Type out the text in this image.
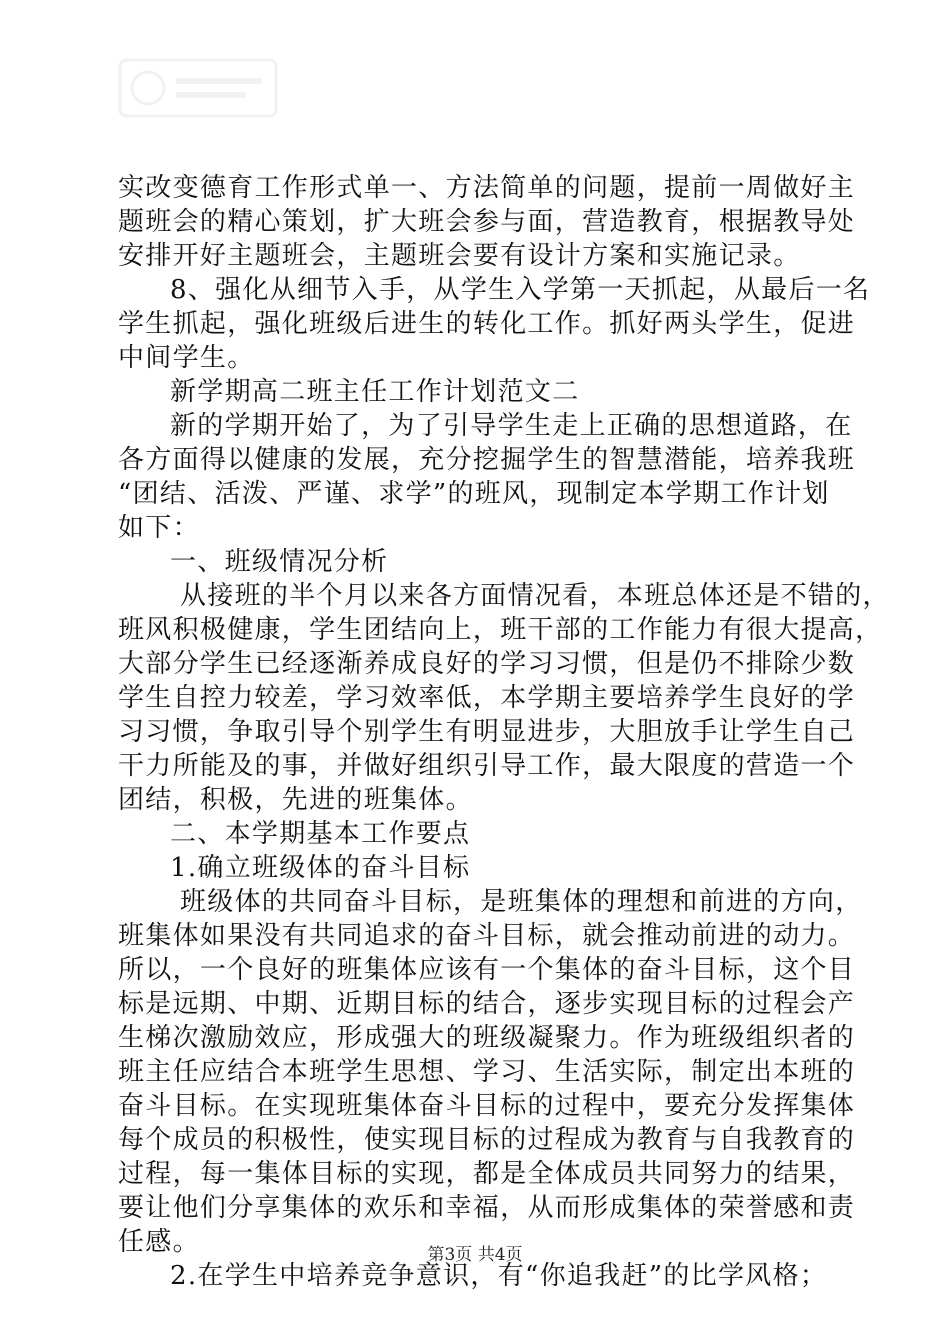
实改变德育工作形式单一、方法简单的问题，提前一周做好主
题班会的精心策划，扩大班会参与面，营造教育，根据教导处
安排开好主题班会，主题班会要有设计方案和实施记录。
8、强化从细节入手，从学生入学第一天抓起，从最后一名
学生抓起，强化班级后进生的转化工作。抓好两头学生，促进
中间学生。
新学期高二班主任工作计划范文二
新的学期开始了，为了引导学生走上正确的思想道路，在
各方面得以健康的发展，充分挖掘学生的智慧潜能，培养我班
“团结、活泼、严谨、求学”的班风，现制定本学期工作计划
如下：
一、班级情况分析
从接班的半个月以来各方面情况看，本班总体还是不错的，
班风积极健康，学生团结向上，班干部的工作能力有很大提高，
大部分学生已经逐渐养成良好的学习习惯，但是仍不排除少数
学生自控力较差，学习效率低，本学期主要培养学生良好的学
习习惯，争取引导个别学生有明显进步，大胆放手让学生自己
干力所能及的事，并做好组织引导工作，最大限度的营造一个
团结，积极，先进的班集体。
二、本学期基本工作要点
1.确立班级体的奋斗目标
班级体的共同奋斗目标，是班集体的理想和前进的方向，
班集体如果没有共同追求的奋斗目标，就会推动前进的动力。
所以，一个良好的班集体应该有一个集体的奋斗目标，这个目
标是远期、中期、近期目标的结合，逐步实现目标的过程会产
生梯次激励效应，形成强大的班级凝聚力。作为班级组织者的
班主任应结合本班学生思想、学习、生活实际，制定出本班的
奋斗目标。在实现班集体奋斗目标的过程中，要充分发挥集体
每个成员的积极性，使实现目标的过程成为教育与自我教育的
过程，每一集体目标的实现，都是全体成员共同努力的结果，
要让他们分享集体的欢乐和幸福，从而形成集体的荣誉感和责
任感。
2.在学生中培养竞争意识，有“你追我赶”的比学风格；
第3页 共4页
